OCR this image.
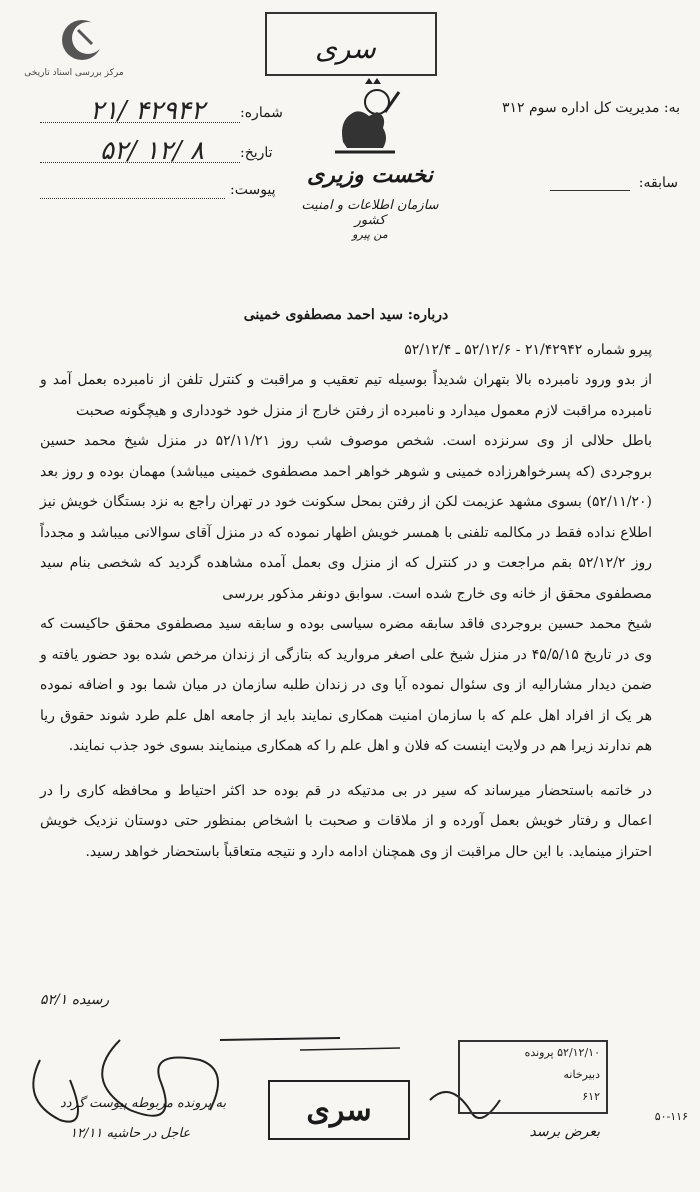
مرکز بررسی اسناد تاریخی
سری
نخست وزیری
سازمان اطلاعات و امنیت کشور
من پیرو
به: مدیریت کل اداره سوم ۳۱۲
سابقه:
شماره:
۲۱/ ۴۲۹۴۲
تاریخ:
۵۲/ ۱۲/ ۸
پیوست:

درباره: سید احمد مصطفوی خمینی

پیرو شماره ۲۱/۴۲۹۴۲ - ۵۲/۱۲/۶ ـ ۵۲/۱۲/۴

از بدو ورود نامبرده بالا بتهران شدیداً بوسیله تیم تعقیب و مراقبت و کنترل تلفن از نامبرده بعمل آمد و نامبرده مراقبت لازم معمول میدارد و نامبرده از رفتن خارج از منزل خود خودداری و هیچگونه صحبت

باطل حلالی از وی سرنزده است. شخص موصوف شب روز ۵۲/۱۱/۲۱ در منزل شیخ محمد حسین بروجردی (که پسرخواهرزاده خمینی و شوهر خواهر احمد مصطفوی خمینی میباشد) مهمان بوده و روز بعد (۵۲/۱۱/۲۰) بسوی مشهد عزیمت لکن از رفتن بمحل سکونت خود در تهران راجع به نزد بستگان خویش نیز اطلاع نداده فقط در مکالمه تلفنی با همسر خویش اظهار نموده که در منزل آقای سوالانی میباشد و مجدداً روز ۵۲/۱۲/۲ بقم مراجعت و در کنترل که از منزل وی بعمل آمده مشاهده گردید که شخصی بنام سید مصطفوی محقق از خانه وی خارج شده است. سوابق دونفر مذکور بررسی

شیخ محمد حسین بروجردی فاقد سابقه مضره سیاسی بوده و سابقه سید مصطفوی محقق حاکیست که وی در تاریخ ۴۵/۵/۱۵ در منزل شیخ علی اصغر مروارید که بتازگی از زندان مرخص شده بود حضور یافته و ضمن دیدار مشارالیه از وی سئوال نموده آیا وی در زندان طلبه سازمان در میان شما بود و اضافه نموده هر یک از افراد اهل علم که با سازمان امنیت همکاری نمایند باید از جامعه اهل علم طرد شوند حقوق ریا هم ندارند زیرا هم در ولایت اینست که فلان و اهل علم را که همکاری مینمایند بسوی خود جذب نمایند.

در خاتمه باستحضار میرساند که سیر در بی مدتیکه در قم بوده حد اکثر احتیاط و محافظه کاری را در اعمال و رفتار خویش بعمل آورده و از ملاقات و صحبت با اشخاص بمنظور حتی دوستان نزدیک خویش احتراز مینماید. با این حال مراقبت از وی همچنان ادامه دارد و نتیجه متعاقباً باستحضار خواهد رسید.

رسیده ۵۲/۱
۵۲/۱۲/۱۰ پرونده
دبیرخانه
۶۱۲
سری
بعرض برسد
به پرونده مربوطه پیوست گردد
عاجل در حاشیه ۱۲/۱۱
۵۰-۱۱۶
